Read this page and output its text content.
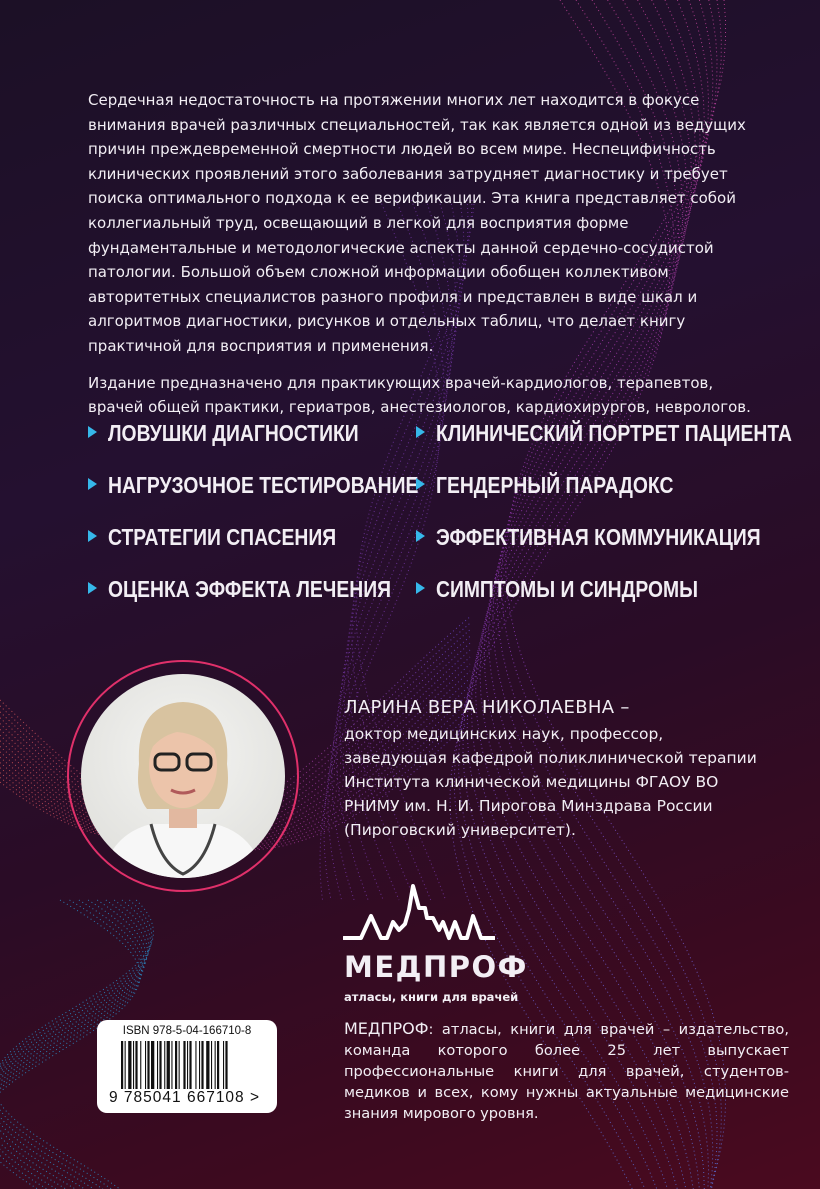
Сердечная недостаточность на протяжении многих лет находится в фокусе внимания врачей различных специальностей, так как является одной из ведущих причин преждевременной смертности людей во всем мире. Неспецифичность клинических проявлений этого заболевания затрудняет диагностику и требует поиска оптимального подхода к ее верификации. Эта книга представляет собой коллегиальный труд, освещающий в легкой для восприятия форме фундаментальные и методологические аспекты данной сердечно-сосудистой патологии. Большой объем сложной информации обобщен коллективом авторитетных специалистов разного профиля и представлен в виде шкал и алгоритмов диагностики, рисунков и отдельных таблиц, что делает книгу практичной для восприятия и применения.

Издание предназначено для практикующих врачей-кардиологов, терапевтов, врачей общей практики, гериатров, анестезиологов, кардиохирургов, неврологов.

ЛОВУШКИ ДИАГНОСТИКИ	КЛИНИЧЕСКИЙ ПОРТРЕТ ПАЦИЕНТА
НАГРУЗОЧНОЕ ТЕСТИРОВАНИЕ ГЕНДЕРНЫЙ ПАРАДОКС
СТРАТЕГИИ СПАСЕНИЯ	ЭФФЕКТИВНАЯ КОММУНИКАЦИЯ
ОЦЕНКА ЭФФЕКТА ЛЕЧЕНИЯ	СИМПТОМЫ И СИНДРОМЫ
ЛАРИНА ВЕРА НИКОЛАЕВНА –
доктор медицинских наук, профессор,
заведующая кафедрой поликлинической терапии
Института клинической медицины ФГАОУ ВО
РНИМУ им. Н. И. Пирогова Минздрава России
(Пироговский университет).
МЕДПРОФ
атласы, книги для врачей
МЕДПРОФ: атласы, книги для врачей – издательство, команда которого более 25 лет выпускает профессиональные книги для врачей, студентов-медиков и всех, кому нужны актуальные медицинские знания мирового уровня.
ISBN 978-5-04-166710-8
9 785041 667108 >
